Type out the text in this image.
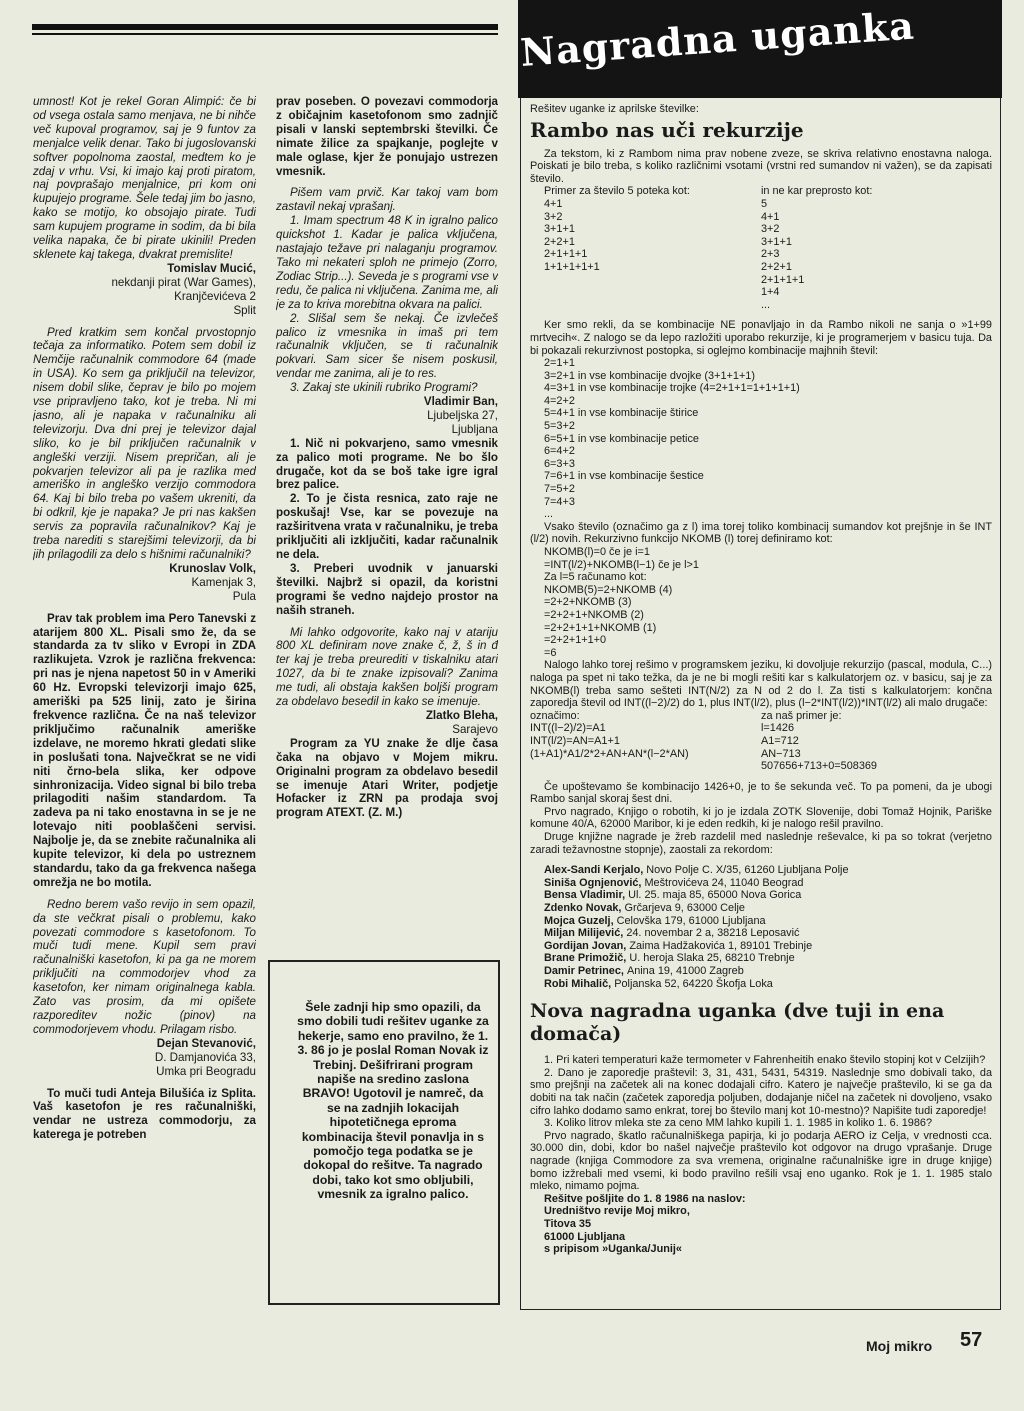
umnost! Kot je rekel Goran Alimpić: če bi od vsega ostala samo menjava, ne bi nihče več kupoval programov, saj je 9 funtov za menjalce velik denar. Tako bi jugoslovanski softver popolnoma zaostal, medtem ko je zdaj v vrhu. Vsi, ki imajo kaj proti piratom, naj povprašajo menjalnice, pri kom oni kupujejo programe. Šele tedaj jim bo jasno, kako se motijo, ko obsojajo pirate. Tudi sam kupujem programe in sodim, da bi bila velika napaka, če bi pirate ukinili! Preden sklenete kaj takega, dvakrat premislite!

Tomislav Mucić,

nekdanji pirat (War Games),

Kranjčevićeva 2

Split

Pred kratkim sem končal prvostopnjo tečaja za informatiko. Potem sem dobil iz Nemčije računalnik commodore 64 (made in USA). Ko sem ga priključil na televizor, nisem dobil slike, čeprav je bilo po mojem vse pripravljeno tako, kot je treba. Ni mi jasno, ali je napaka v računalniku ali televizorju. Dva dni prej je televizor dajal sliko, ko je bil priključen računalnik v angleški verziji. Nisem prepričan, ali je pokvarjen televizor ali pa je razlika med ameriško in angleško verzijo commodora 64. Kaj bi bilo treba po vašem ukreniti, da bi odkril, kje je napaka? Je pri nas kakšen servis za popravila računalnikov? Kaj je treba narediti s starejšimi televizorji, da bi jih prilagodili za delo s hišnimi računalniki?

Krunoslav Volk,

Kamenjak 3,

Pula

Prav tak problem ima Pero Tanevski z atarijem 800 XL. Pisali smo že, da se standarda za tv sliko v Evropi in ZDA razlikujeta. Vzrok je različna frekvenca: pri nas je njena napetost 50 in v Ameriki 60 Hz. Evropski televizorji imajo 625, ameriški pa 525 linij, zato je širina frekvence različna. Če na naš televizor priključimo računalnik ameriške izdelave, ne moremo hkrati gledati slike in poslušati tona. Največkrat se ne vidi niti črno-bela slika, ker odpove sinhronizacija. Video signal bi bilo treba prilagoditi našim standardom. Ta zadeva pa ni tako enostavna in se je ne lotevajo niti pooblaščeni servisi. Najbolje je, da se znebite računalnika ali kupite televizor, ki dela po ustreznem standardu, tako da ga frekvenca našega omrežja ne bo motila.

Redno berem vašo revijo in sem opazil, da ste večkrat pisali o problemu, kako povezati commodore s kasetofonom. To muči tudi mene. Kupil sem pravi računalniški kasetofon, ki pa ga ne morem priključiti na commodorjev vhod za kasetofon, ker nimam originalnega kabla. Zato vas prosim, da mi opišete razporeditev nožic (pinov) na commodorjevem vhodu. Prilagam risbo.

Dejan Stevanović,

D. Damjanovića 33,

Umka pri Beogradu

To muči tudi Anteja Bilušića iz Splita. Vaš kasetofon je res računalniški, vendar ne ustreza commodorju, za katerega je potreben

prav poseben. O povezavi commodorja z običajnim kasetofonom smo zadnjič pisali v lanski septembrski številki. Če nimate žilice za spajkanje, poglejte v male oglase, kjer že ponujajo ustrezen vmesnik.

Pišem vam prvič. Kar takoj vam bom zastavil nekaj vprašanj.

1. Imam spectrum 48 K in igralno palico quickshot 1. Kadar je palica vključena, nastajajo težave pri nalaganju programov. Tako mi nekateri sploh ne primejo (Zorro, Zodiac Strip...). Seveda je s programi vse v redu, če palica ni vključena. Zanima me, ali je za to kriva morebitna okvara na palici.

2. Slišal sem še nekaj. Če izvlečeš palico iz vmesnika in imaš pri tem računalnik vključen, se ti računalnik pokvari. Sam sicer še nisem poskusil, vendar me zanima, ali je to res.

3. Zakaj ste ukinili rubriko Programi?

Vladimir Ban,

Ljubeljska 27,

Ljubljana

1. Nič ni pokvarjeno, samo vmesnik za palico moti programe. Ne bo šlo drugače, kot da se boš take igre igral brez palice.

2. To je čista resnica, zato raje ne poskušaj! Vse, kar se povezuje na razširitvena vrata v računalniku, je treba priključiti ali izključiti, kadar računalnik ne dela.

3. Preberi uvodnik v januarski številki. Najbrž si opazil, da koristni programi še vedno najdejo prostor na naših straneh.

Mi lahko odgovorite, kako naj v atariju 800 XL definiram nove znake č, ž, š in đ ter kaj je treba preurediti v tiskalniku atari 1027, da bi te znake izpisovali? Zanima me tudi, ali obstaja kakšen boljši program za obdelavo besedil in kako se imenuje.

Zlatko Bleha,

Sarajevo

Program za YU znake že dlje časa čaka na objavo v Mojem mikru. Originalni program za obdelavo besedil se imenuje Atari Writer, podjetje Hofacker iz ZRN pa prodaja svoj program ATEXT. (Z. M.)

Šele zadnji hip smo opazili, da smo dobili tudi rešitev uganke za hekerje, samo eno pravilno, že 1. 3. 86 jo je poslal Roman Novak iz Trebinj. Dešifrirani program napiše na sredino zaslona BRAVO! Ugotovil je namreč, da se na zadnjih lokacijah hipotetičnega eproma kombinacija števil ponavlja in s pomočjo tega podatka se je dokopal do rešitve. Ta nagrado dobi, tako kot smo obljubili, vmesnik za igralno palico.

Nagradna uganka

Rešitev uganke iz aprilske številke:

Rambo nas uči rekurzije

Za tekstom, ki z Rambom nima prav nobene zveze, se skriva relativno enostavna naloga. Poiskati je bilo treba, s koliko različnimi vsotami (vrstni red sumandov ni važen), se da zapisati število.

Primer za število 5 poteka kot:

4+1

3+2

3+1+1

2+2+1

2+1+1+1

1+1+1+1+1

in ne kar preprosto kot:

5

4+1

3+2

3+1+1

2+3

2+2+1

2+1+1+1

1+4

...

Ker smo rekli, da se kombinacije NE ponavljajo in da Rambo nikoli ne sanja o »1+99 mrtvecih«. Z nalogo se da lepo razložiti uporabo rekurzije, ki je programerjem v basicu tuja. Da bi pokazali rekurzivnost postopka, si oglejmo kombinacije majhnih števil:

2=1+1

3=2+1 in vse kombinacije dvojke (3+1+1+1)

4=3+1 in vse kombinacije trojke (4=2+1+1=1+1+1+1)

4=2+2

5=4+1 in vse kombinacije štirice

5=3+2

6=5+1 in vse kombinacije petice

6=4+2

6=3+3

7=6+1 in vse kombinacije šestice

7=5+2

7=4+3

...

Vsako število (označimo ga z l) ima torej toliko kombinacij sumandov kot prejšnje in še INT (l/2) novih. Rekurzivno funkcijo NKOMB (l) torej definiramo kot:

NKOMB(l)=0 če je i=1

=INT(l/2)+NKOMB(l−1) če je l>1

Za l=5 računamo kot:

NKOMB(5)=2+NKOMB (4)

=2+2+NKOMB (3)

=2+2+1+NKOMB (2)

=2+2+1+1+NKOMB (1)

=2+2+1+1+0

=6

Nalogo lahko torej rešimo v programskem jeziku, ki dovoljuje rekurzijo (pascal, modula, C...) naloga pa spet ni tako težka, da je ne bi mogli rešiti kar s kalkulatorjem oz. v basicu, saj je za NKOMB(l) treba samo sešteti INT(N/2) za N od 2 do l. Za tisti s kalkulatorjem: končna zaporedja števil od INT((l−2)/2) do 1, plus INT(l/2), plus (l−2*INT(l/2))*INT(l/2) ali malo drugače:

označimo:

INT((l−2)/2)=A1

INT(l/2)=AN=A1+1

(1+A1)*A1/2*2+AN+AN*(l−2*AN)

za naš primer je:

l=1426

A1=712

AN−713

507656+713+0=508369

Če upoštevamo še kombinacijo 1426+0, je to še sekunda več. To pa pomeni, da je ubogi Rambo sanjal skoraj šest dni.

Prvo nagrado, Knjigo o robotih, ki jo je izdala ZOTK Slovenije, dobi Tomaž Hojnik, Pariške komune 40/A, 62000 Maribor, ki je eden redkih, ki je nalogo rešil pravilno.

Druge knjižne nagrade je žreb razdelil med naslednje reševalce, ki pa so tokrat (verjetno zaradi težavnostne stopnje), zaostali za rekordom:

Alex-Sandi Kerjalo, Novo Polje C. X/35, 61260 Ljubljana Polje

Siniša Ognjenović, Meštrovićeva 24, 11040 Beograd

Bensa Vladimir, Ul. 25. maja 85, 65000 Nova Gorica

Zdenko Novak, Grčarjeva 9, 63000 Celje

Mojca Guzelj, Celovška 179, 61000 Ljubljana

Miljan Milijević, 24. novembar 2 a, 38218 Leposavić

Gordijan Jovan, Zaima Hadžakovića 1, 89101 Trebinje

Brane Primožič, U. heroja Slaka 25, 68210 Trebnje

Damir Petrinec, Anina 19, 41000 Zagreb

Robi Mihalič, Poljanska 52, 64220 Škofja Loka

Nova nagradna uganka (dve tuji in ena domača)

1. Pri kateri temperaturi kaže termometer v Fahrenheitih enako število stopinj kot v Celzijih?

2. Dano je zaporedje praštevil: 3, 31, 431, 5431, 54319. Naslednje smo dobivali tako, da smo prejšnji na začetek ali na konec dodajali cifro. Katero je največje praštevilo, ki se ga da dobiti na tak način (začetek zaporedja poljuben, dodajanje ničel na začetek ni dovoljeno, vsako cifro lahko dodamo samo enkrat, torej bo število manj kot 10-mestno)? Napišite tudi zaporedje!

3. Koliko litrov mleka ste za ceno MM lahko kupili 1. 1. 1985 in koliko 1. 6. 1986?

Prvo nagrado, škatlo računalniškega papirja, ki jo podarja AERO iz Celja, v vrednosti cca. 30.000 din, dobi, kdor bo našel največje praštevilo kot odgovor na drugo vprašanje. Druge nagrade (knjiga Commodore za sva vremena, originalne računalniške igre in druge knjige) bomo izžrebali med vsemi, ki bodo pravilno rešili vsaj eno uganko. Rok je 1. 1. 1985 stalo mleko, nimamo pojma.

Rešitve pošljite do 1. 8 1986 na naslov:

Uredništvo revije Moj mikro,

Titova 35

61000 Ljubljana

s pripisom »Uganka/Junij«

Moj mikro 57
